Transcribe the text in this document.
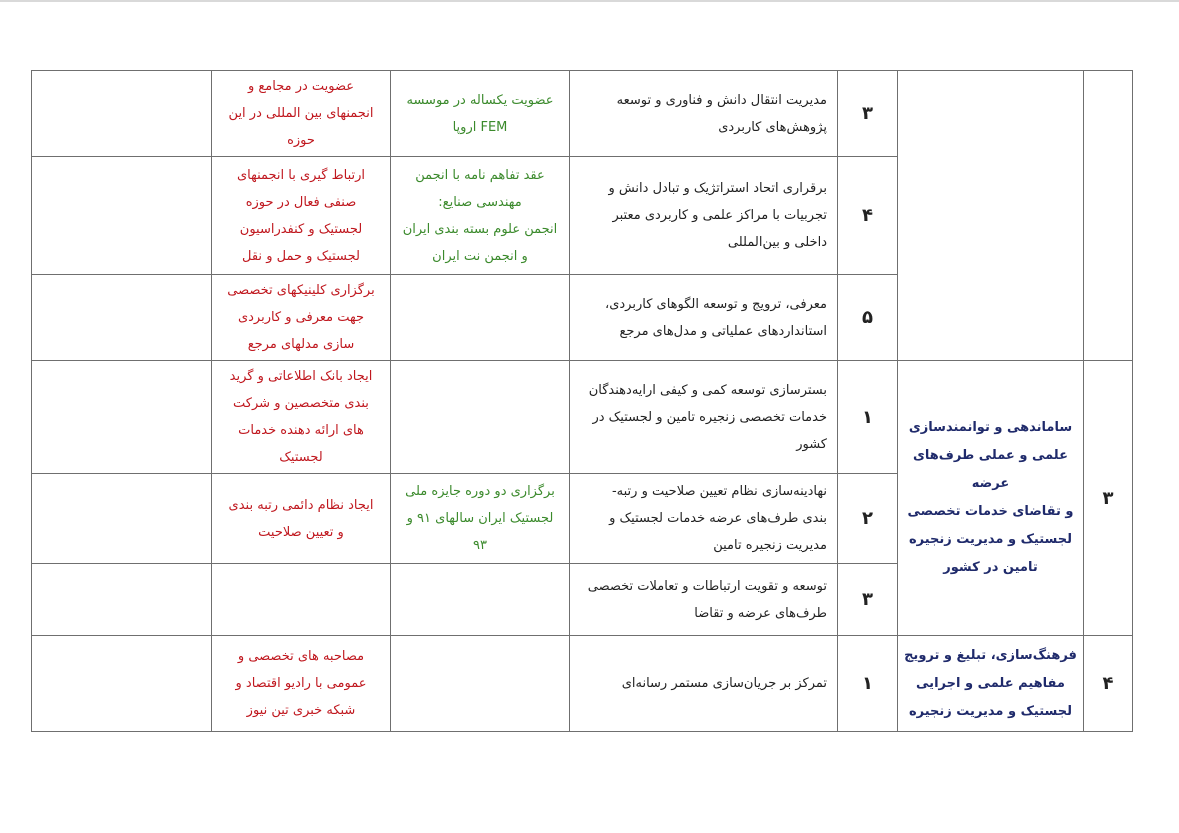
		۳	مدیریت انتقال دانش و فناوری و توسعه
پژوهش‌های کاربردی	عضویت یکساله در موسسه
FEM اروپا	عضویت در مجامع و
انجمنهای بین المللی در این
حوزه	

		۴	برقراری اتحاد استراتژیک و تبادل دانش و
تجربیات با مراکز علمی و کاربردی معتبر
داخلی و بین‌المللی	عقد تفاهم نامه با انجمن
مهندسی صنایع:
انجمن علوم بسته بندی ایران
و انجمن نت ایران	ارتباط گیری با انجمنهای
صنفی فعال در حوزه
لجستیک و کنفدراسیون
لجستیک و حمل و نقل	

		۵	معرفی، ترویج و توسعه الگوهای کاربردی،
استانداردهای عملیاتی و مدل‌های مرجع		برگزاری کلینیکهای تخصصی
جهت معرفی و کاربردی
سازی مدلهای مرجع	

۳	ساماندهی و توانمندسازی
علمی و عملی طرف‌های عرضه
و تقاضای خدمات تخصصی
لجستیک و مدیریت زنجیره
تامین در کشور	۱	بسترسازی توسعه کمی و کیفی ارایه‌دهندگان
خدمات تخصصی زنجیره تامین و لجستیک در
کشور		ایجاد بانک اطلاعاتی و گرید
بندی متخصصین و شرکت
های ارائه دهنده خدمات
لجستیک	

		۲	نهادینه‌سازی نظام تعیین صلاحیت و رتبه-
بندی طرف‌های عرضه خدمات لجستیک و
مدیریت زنجیره تامین	برگزاری دو دوره جایزه ملی
لجستیک ایران سالهای ۹۱ و
۹۳	ایجاد نظام دائمی رتبه بندی
و تعیین صلاحیت	

		۳	توسعه و تقویت ارتباطات و تعاملات تخصصی
طرف‌های عرضه و تقاضا			

۴	فرهنگ‌سازی، تبلیغ و ترویج
مفاهیم علمی و اجرایی
لجستیک و مدیریت زنجیره	۱	تمرکز بر جریان‌سازی مستمر رسانه‌ای		مصاحبه های تخصصی و
عمومی با رادیو اقتصاد و
شبکه خبری تین نیوز	
